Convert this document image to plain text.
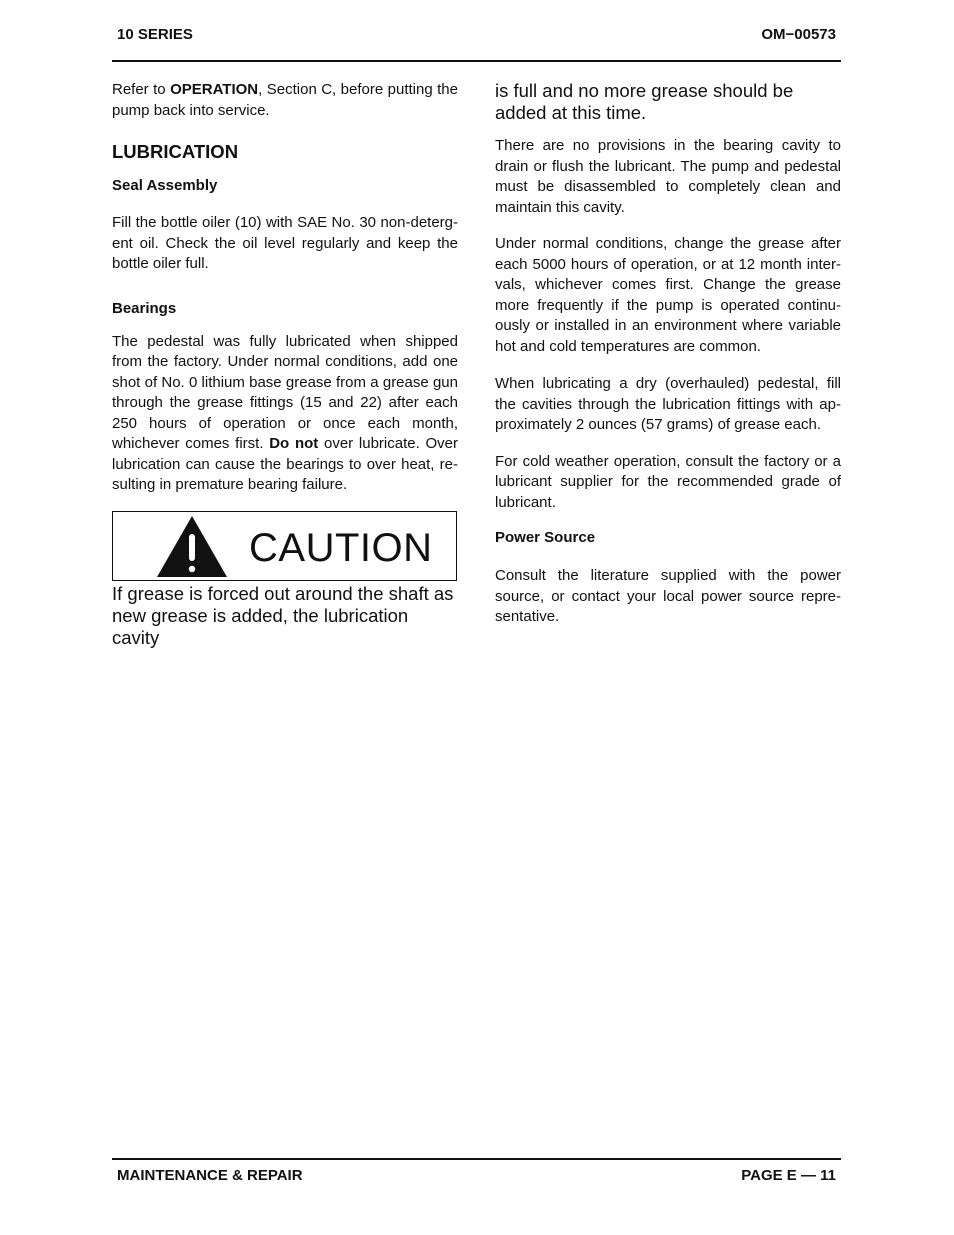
10 SERIES	OM−00573

Refer to OPERATION, Section C, before putting the pump back into service.

LUBRICATION
Seal Assembly

Fill the bottle oiler (10) with SAE No. 30 non-deterg-ent oil. Check the oil level regularly and keep the bottle oiler full.

Bearings

The pedestal was fully lubricated when shipped from the factory. Under normal conditions, add one shot of No. 0 lithium base grease from a grease gun through the grease fittings (15 and 22) after each 250 hours of operation or once each month, whichever comes first. Do not over lubricate. Over lubrication can cause the bearings to over heat, re-sulting in premature bearing failure.

CAUTION

If grease is forced out around the shaft as new grease is added, the lubrication cavity

is full and no more grease should be added at this time.

There are no provisions in the bearing cavity to drain or flush the lubricant. The pump and pedestal must be disassembled to completely clean and maintain this cavity.

Under normal conditions, change the grease after each 5000 hours of operation, or at 12 month inter-vals, whichever comes first. Change the grease more frequently if the pump is operated continu-ously or installed in an environment where variable hot and cold temperatures are common.

When lubricating a dry (overhauled) pedestal, fill the cavities through the lubrication fittings with ap-proximately 2 ounces (57 grams) of grease each.

For cold weather operation, consult the factory or a lubricant supplier for the recommended grade of lubricant.

Power Source

Consult the literature supplied with the power source, or contact your local power source repre-sentative.

MAINTENANCE & REPAIR	PAGE E — 11
